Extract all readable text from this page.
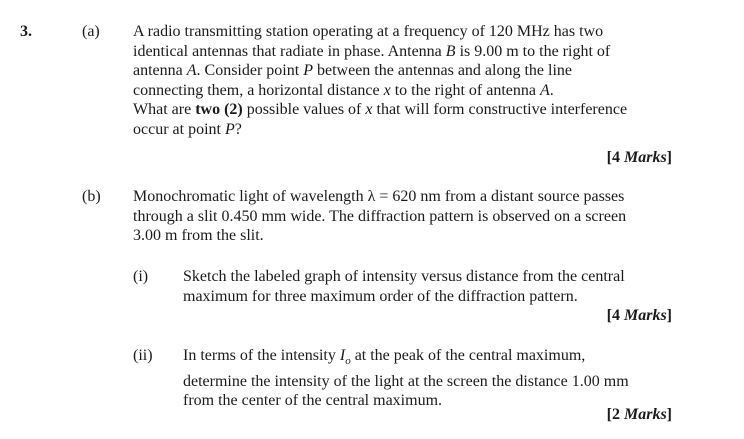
3.	(a) A radio transmitting station operating at a frequency of 120 MHz has two
identical antennas that radiate in phase. Antenna B is 9.00 m to the right of
antenna A. Consider point P between the antennas and along the line
connecting them, a horizontal distance x to the right of antenna A.
What are two (2) possible values of x that will form constructive interference
occur at point P?
[4 Marks]
(b) Monochromatic light of wavelength λ = 620 nm from a distant source passes
through a slit 0.450 mm wide. The diffraction pattern is observed on a screen
3.00 m from the slit.
(i) Sketch the labeled graph of intensity versus distance from the central
maximum for three maximum order of the diffraction pattern.
[4 Marks]
(ii) In terms of the intensity $I_o$ at the peak of the central maximum,
determine the intensity of the light at the screen the distance 1.00 mm
from the center of the central maximum.
[2 Marks]
